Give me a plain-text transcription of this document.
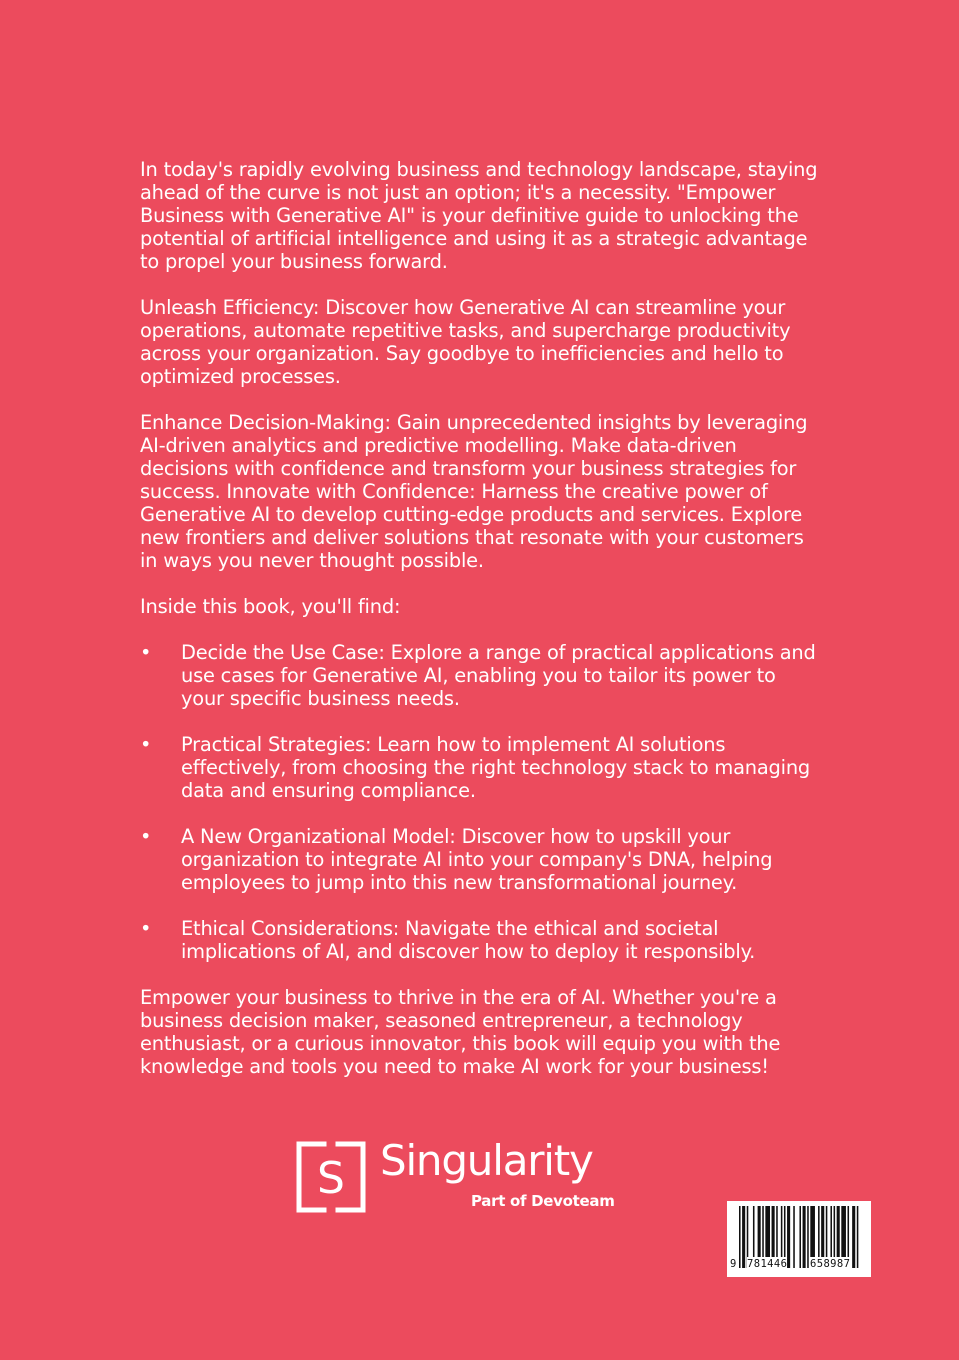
In today's rapidly evolving business and technology landscape, staying ahead of the curve is not just an option; it's a necessity. "Empower Business with Generative AI" is your definitive guide to unlocking the potential of artificial intelligence and using it as a strategic advantage to propel your business forward.

Unleash Efficiency: Discover how Generative AI can streamline your operations, automate repetitive tasks, and supercharge productivity across your organization. Say goodbye to inefficiencies and hello to optimized processes.

Enhance Decision-Making: Gain unprecedented insights by leveraging AI-driven analytics and predictive modelling. Make data-driven decisions with confidence and transform your business strategies for success. Innovate with Confidence: Harness the creative power of Generative AI to develop cutting-edge products and services. Explore new frontiers and deliver solutions that resonate with your customers in ways you never thought possible.

Inside this book, you'll find:

• Decide the Use Case: Explore a range of practical applications and use cases for Generative AI, enabling you to tailor its power to your specific business needs.
• Practical Strategies: Learn how to implement AI solutions effectively, from choosing the right technology stack to managing data and ensuring compliance.
• A New Organizational Model: Discover how to upskill your organization to integrate AI into your company's DNA, helping employees to jump into this new transformational journey.
• Ethical Considerations: Navigate the ethical and societal implications of AI, and discover how to deploy it responsibly.

Empower your business to thrive in the era of AI. Whether you're a business decision maker, seasoned entrepreneur, a technology enthusiast, or a curious innovator, this book will equip you with the knowledge and tools you need to make AI work for your business!

S Singularity
Part of Devoteam
9 781446 658987
